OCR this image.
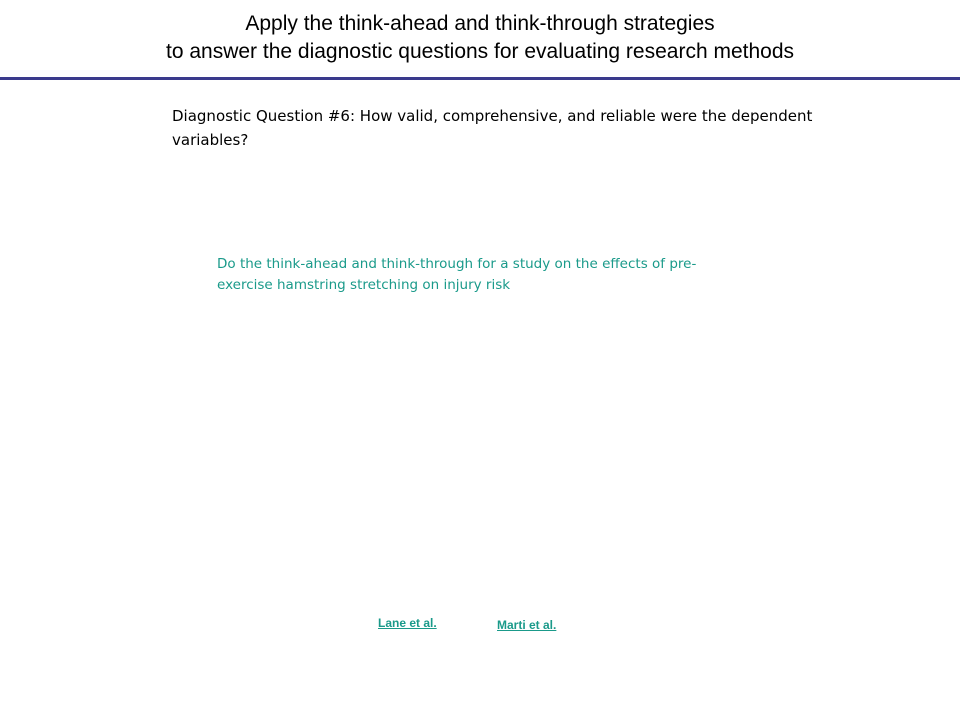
Apply the think-ahead and think-through strategies
to answer the diagnostic questions for evaluating research methods
Diagnostic Question #6: How valid, comprehensive, and reliable were the dependent variables?
Do the think-ahead and think-through for a study on the effects of pre-exercise hamstring stretching on injury risk
Lane et al.	Marti et al.
